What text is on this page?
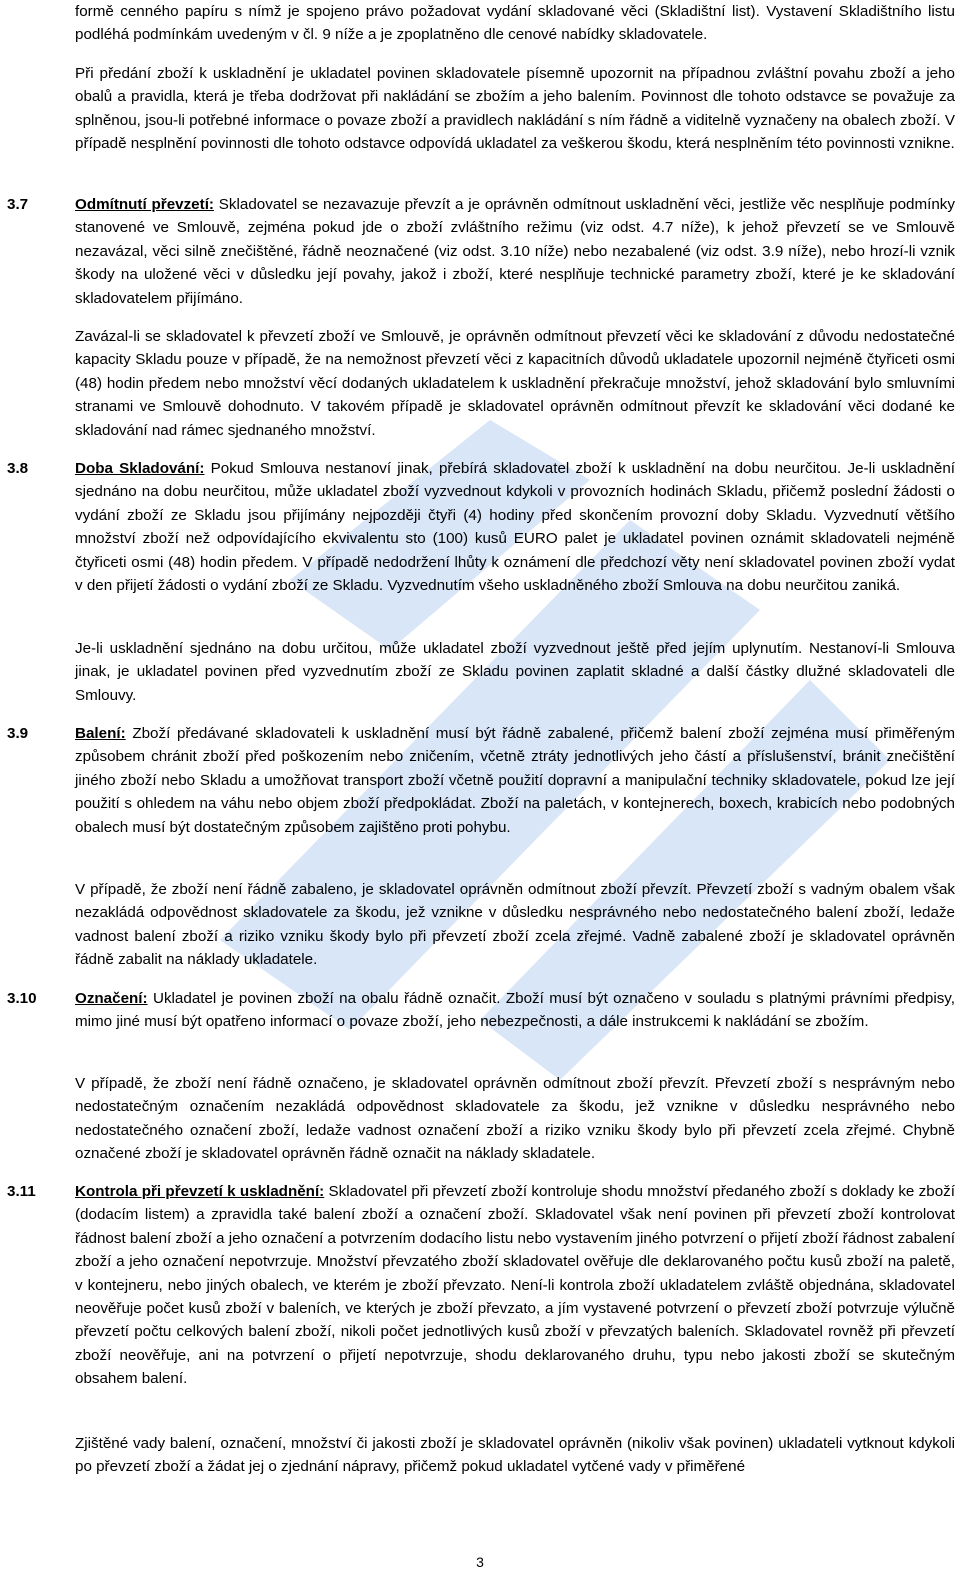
formě cenného papíru s nímž je spojeno právo požadovat vydání skladované věci (Skladištní list). Vystavení Skladištního listu podléhá podmínkám uvedeným v čl. 9 níže a je zpoplatněno dle cenové nabídky skladovatele.

Při předání zboží k uskladnění je ukladatel povinen skladovatele písemně upozornit na případnou zvláštní povahu zboží a jeho obalů a pravidla, která je třeba dodržovat při nakládání se zbožím a jeho balením. Povinnost dle tohoto odstavce se považuje za splněnou, jsou-li potřebné informace o povaze zboží a pravidlech nakládání s ním řádně a viditelně vyznačeny na obalech zboží. V případě nesplnění povinnosti dle tohoto odstavce odpovídá ukladatel za veškerou škodu, která nesplněním této povinnosti vznikne.

3.7	Odmítnutí převzetí: Skladovatel se nezavazuje převzít a je oprávněn odmítnout uskladnění věci, jestliže věc nesplňuje podmínky stanovené ve Smlouvě, zejména pokud jde o zboží zvláštního režimu (viz odst. 4.7 níže), k jehož převzetí se ve Smlouvě nezavázal, věci silně znečištěné, řádně neoznačené (viz odst. 3.10 níže) nebo nezabalené (viz odst. 3.9 níže), nebo hrozí-li vznik škody na uložené věci v důsledku její povahy, jakož i zboží, které nesplňuje technické parametry zboží, které je ke skladování skladovatelem přijímáno.

Zavázal-li se skladovatel k převzetí zboží ve Smlouvě, je oprávněn odmítnout převzetí věci ke skladování z důvodu nedostatečné kapacity Skladu pouze v případě, že na nemožnost převzetí věci z kapacitních důvodů ukladatele upozornil nejméně čtyřiceti osmi (48) hodin předem nebo množství věcí dodaných ukladatelem k uskladnění překračuje množství, jehož skladování bylo smluvními stranami ve Smlouvě dohodnuto. V takovém případě je skladovatel oprávněn odmítnout převzít ke skladování věci dodané ke skladování nad rámec sjednaného množství.

3.8	Doba Skladování: Pokud Smlouva nestanoví jinak, přebírá skladovatel zboží k uskladnění na dobu neurčitou. Je-li uskladnění sjednáno na dobu neurčitou, může ukladatel zboží vyzvednout kdykoli v provozních hodinách Skladu, přičemž poslední žádosti o vydání zboží ze Skladu jsou přijímány nejpozději čtyři (4) hodiny před skončením provozní doby Skladu. Vyzvednutí většího množství zboží než odpovídajícího ekvivalentu sto (100) kusů EURO palet je ukladatel povinen oznámit skladovateli nejméně čtyřiceti osmi (48) hodin předem. V případě nedodržení lhůty k oznámení dle předchozí věty není skladovatel povinen zboží vydat v den přijetí žádosti o vydání zboží ze Skladu. Vyzvednutím všeho uskladněného zboží Smlouva na dobu neurčitou zaniká.

Je-li uskladnění sjednáno na dobu určitou, může ukladatel zboží vyzvednout ještě před jejím uplynutím. Nestanoví-li Smlouva jinak, je ukladatel povinen před vyzvednutím zboží ze Skladu povinen zaplatit skladné a další částky dlužné skladovateli dle Smlouvy.

3.9	Balení: Zboží předávané skladovateli k uskladnění musí být řádně zabalené, přičemž balení zboží zejména musí přiměřeným způsobem chránit zboží před poškozením nebo zničením, včetně ztráty jednotlivých jeho částí a příslušenství, bránit znečištění jiného zboží nebo Skladu a umožňovat transport zboží včetně použití dopravní a manipulační techniky skladovatele, pokud lze její použití s ohledem na váhu nebo objem zboží předpokládat. Zboží na paletách, v kontejnerech, boxech, krabicích nebo podobných obalech musí být dostatečným způsobem zajištěno proti pohybu.

V případě, že zboží není řádně zabaleno, je skladovatel oprávněn odmítnout zboží převzít. Převzetí zboží s vadným obalem však nezakládá odpovědnost skladovatele za škodu, jež vznikne v důsledku nesprávného nebo nedostatečného balení zboží, ledaže vadnost balení zboží a riziko vzniku škody bylo při převzetí zboží zcela zřejmé. Vadně zabalené zboží je skladovatel oprávněn řádně zabalit na náklady ukladatele.

3.10	Označení: Ukladatel je povinen zboží na obalu řádně označit. Zboží musí být označeno v souladu s platnými právními předpisy, mimo jiné musí být opatřeno informací o povaze zboží, jeho nebezpečnosti, a dále instrukcemi k nakládání se zbožím.

V případě, že zboží není řádně označeno, je skladovatel oprávněn odmítnout zboží převzít. Převzetí zboží s nesprávným nebo nedostatečným označením nezakládá odpovědnost skladovatele za škodu, jež vznikne v důsledku nesprávného nebo nedostatečného označení zboží, ledaže vadnost označení zboží a riziko vzniku škody bylo při převzetí zcela zřejmé. Chybně označené zboží je skladovatel oprávněn řádně označit na náklady skladatele.

3.11	Kontrola při převzetí k uskladnění: Skladovatel při převzetí zboží kontroluje shodu množství předaného zboží s doklady ke zboží (dodacím listem) a zpravidla také balení zboží a označení zboží. Skladovatel však není povinen při převzetí zboží kontrolovat řádnost balení zboží a jeho označení a potvrzením dodacího listu nebo vystavením jiného potvrzení o přijetí zboží řádnost zabalení zboží a jeho označení nepotvrzuje. Množství převzatého zboží skladovatel ověřuje dle deklarovaného počtu kusů zboží na paletě, v kontejneru, nebo jiných obalech, ve kterém je zboží převzato. Není-li kontrola zboží ukladatelem zvláště objednána, skladovatel neověřuje počet kusů zboží v baleních, ve kterých je zboží převzato, a jím vystavené potvrzení o převzetí zboží potvrzuje výlučně převzetí počtu celkových balení zboží, nikoli počet jednotlivých kusů zboží v převzatých baleních. Skladovatel rovněž při převzetí zboží neověřuje, ani na potvrzení o přijetí nepotvrzuje, shodu deklarovaného druhu, typu nebo jakosti zboží se skutečným obsahem balení.

Zjištěné vady balení, označení, množství či jakosti zboží je skladovatel oprávněn (nikoliv však povinen) ukladateli vytknout kdykoli po převzetí zboží a žádat jej o zjednání nápravy, přičemž pokud ukladatel vytčené vady v přiměřené

3
